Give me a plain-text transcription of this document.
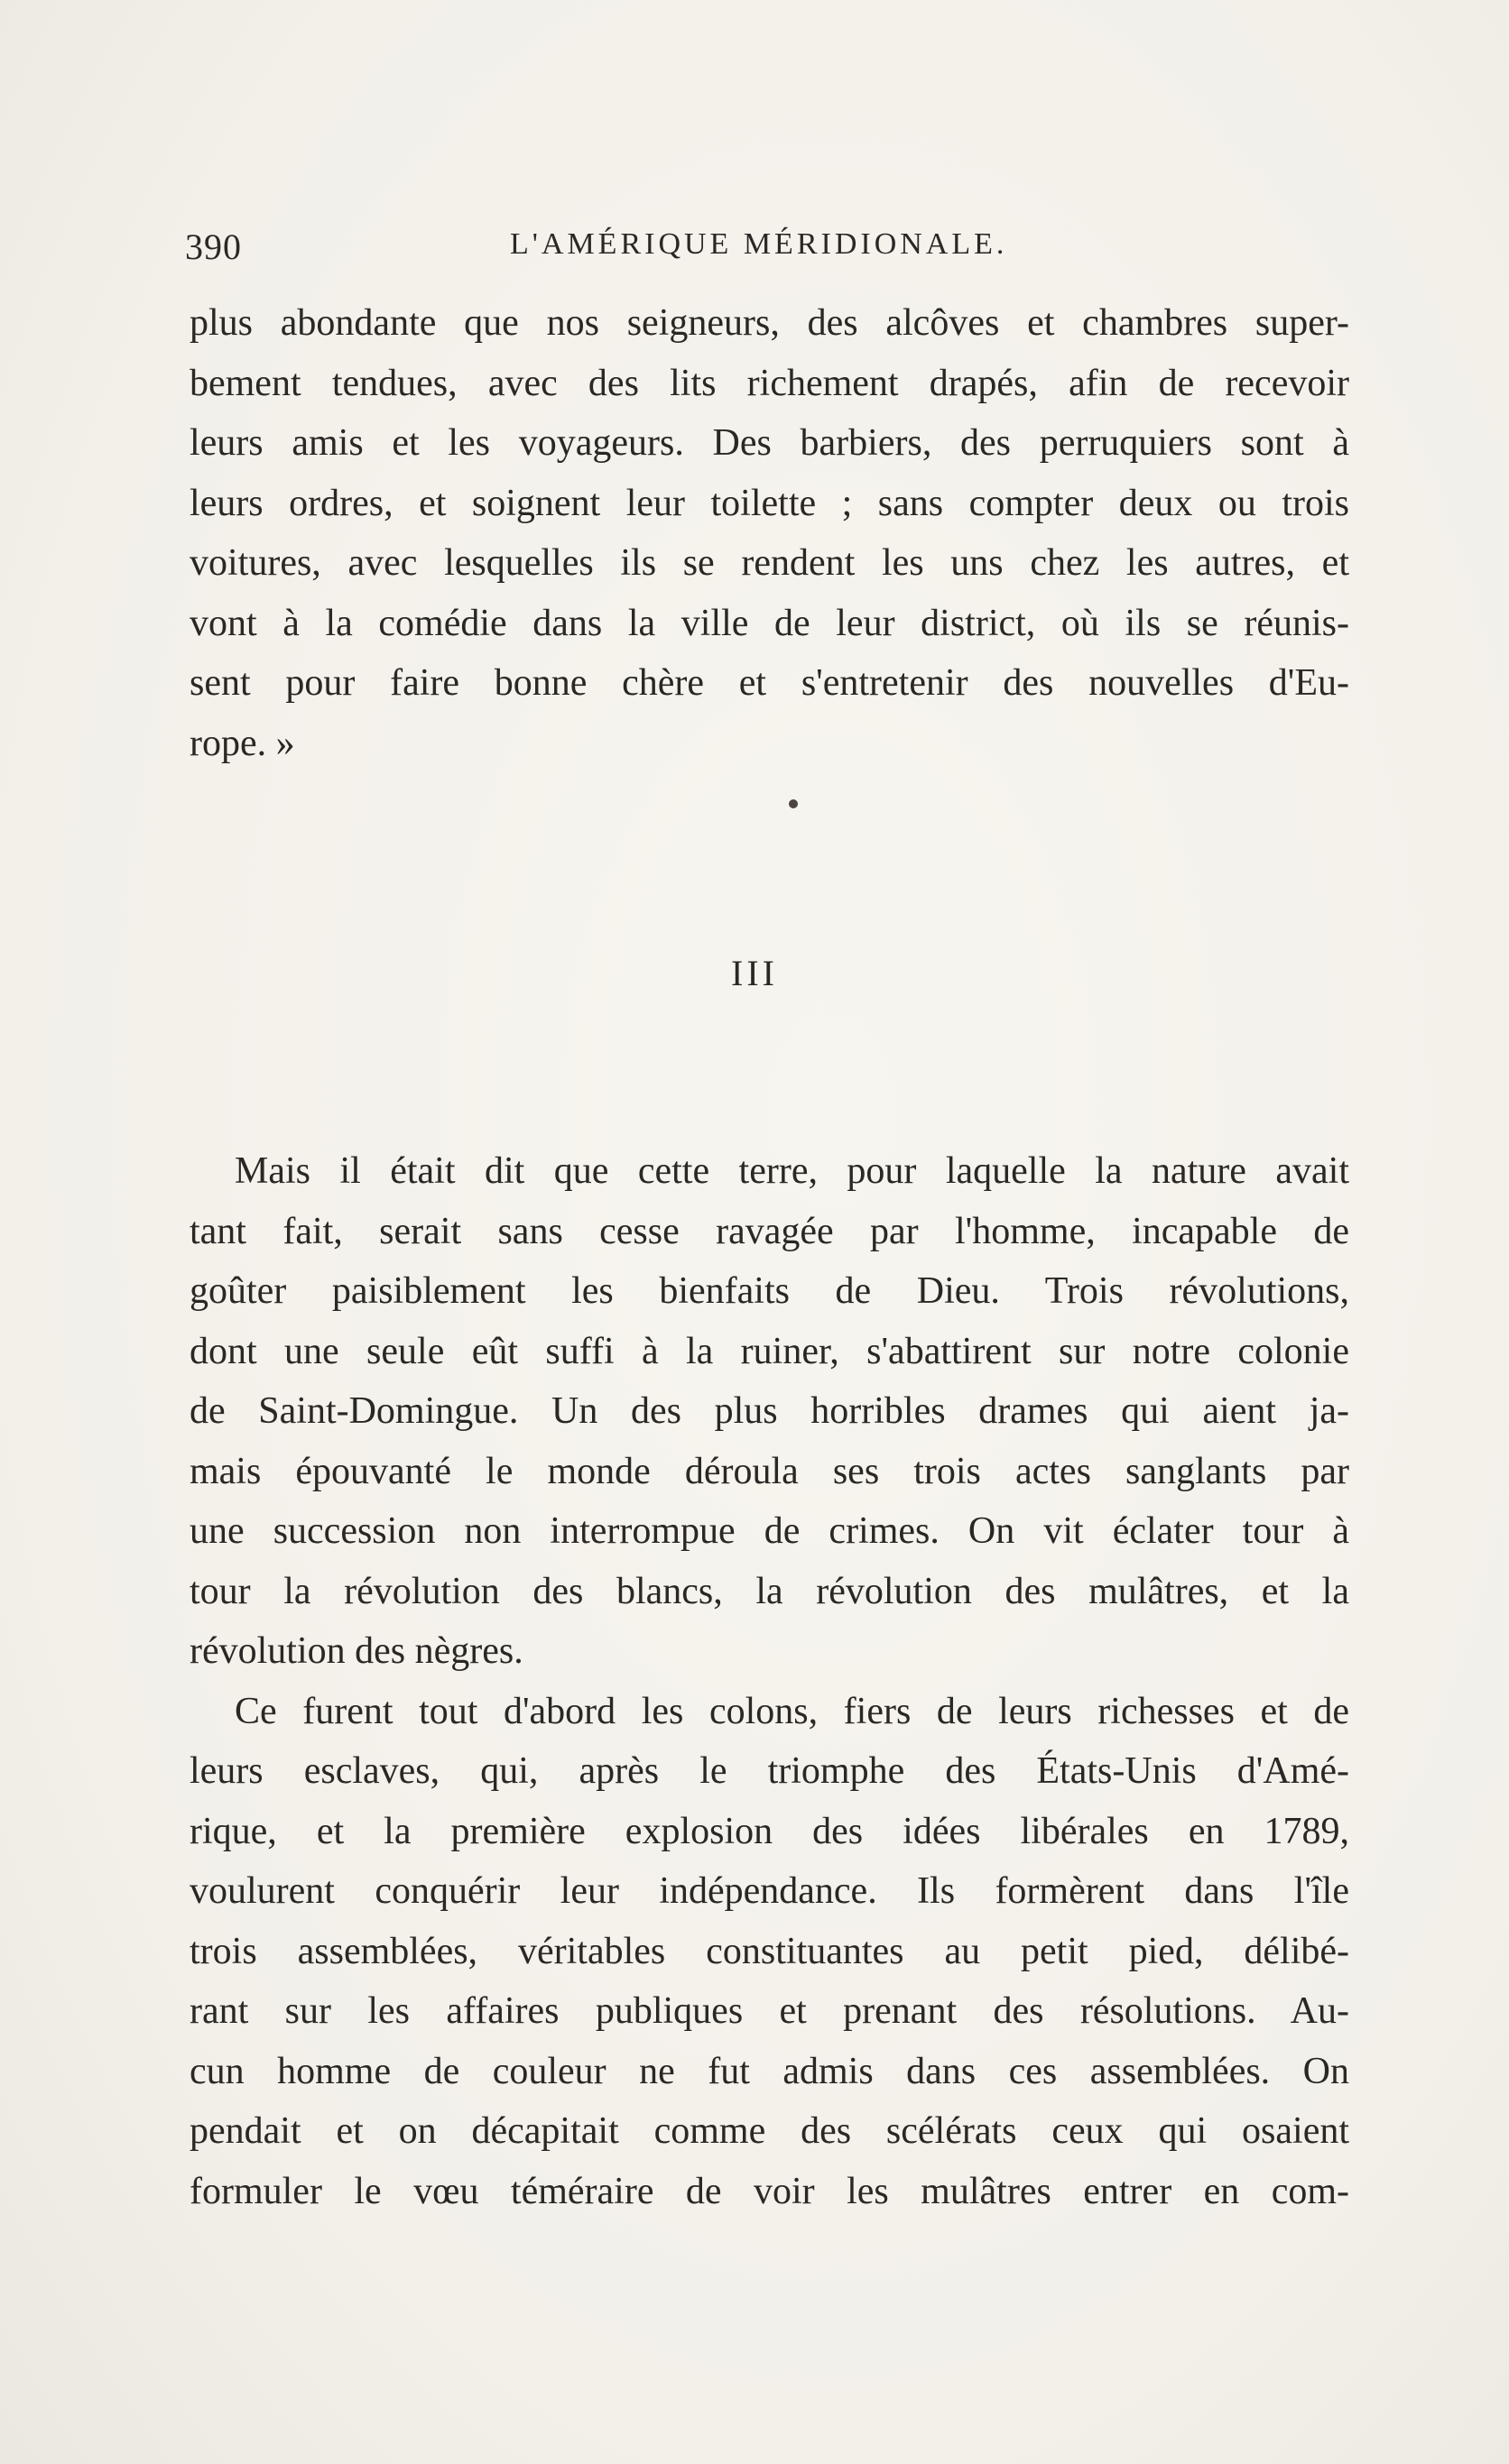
390	L'AMÉRIQUE MÉRIDIONALE.
plus abondante que nos seigneurs, des alcôves et chambres super-
bement tendues, avec des lits richement drapés, afin de recevoir
leurs amis et les voyageurs. Des barbiers, des perruquiers sont à
leurs ordres, et soignent leur toilette ; sans compter deux ou trois
voitures, avec lesquelles ils se rendent les uns chez les autres, et
vont à la comédie dans la ville de leur district, où ils se réunis-
sent pour faire bonne chère et s'entretenir des nouvelles d'Eu-
rope. »
III
Mais il était dit que cette terre, pour laquelle la nature avait
tant fait, serait sans cesse ravagée par l'homme, incapable de
goûter paisiblement les bienfaits de Dieu. Trois révolutions,
dont une seule eût suffi à la ruiner, s'abattirent sur notre colonie
de Saint-Domingue. Un des plus horribles drames qui aient ja-
mais épouvanté le monde déroula ses trois actes sanglants par
une succession non interrompue de crimes. On vit éclater tour à
tour la révolution des blancs, la révolution des mulâtres, et la
révolution des nègres.
Ce furent tout d'abord les colons, fiers de leurs richesses et de
leurs esclaves, qui, après le triomphe des États-Unis d'Amé-
rique, et la première explosion des idées libérales en 1789,
voulurent conquérir leur indépendance. Ils formèrent dans l'île
trois assemblées, véritables constituantes au petit pied, délibé-
rant sur les affaires publiques et prenant des résolutions. Au-
cun homme de couleur ne fut admis dans ces assemblées. On
pendait et on décapitait comme des scélérats ceux qui osaient
formuler le vœu téméraire de voir les mulâtres entrer en com-
